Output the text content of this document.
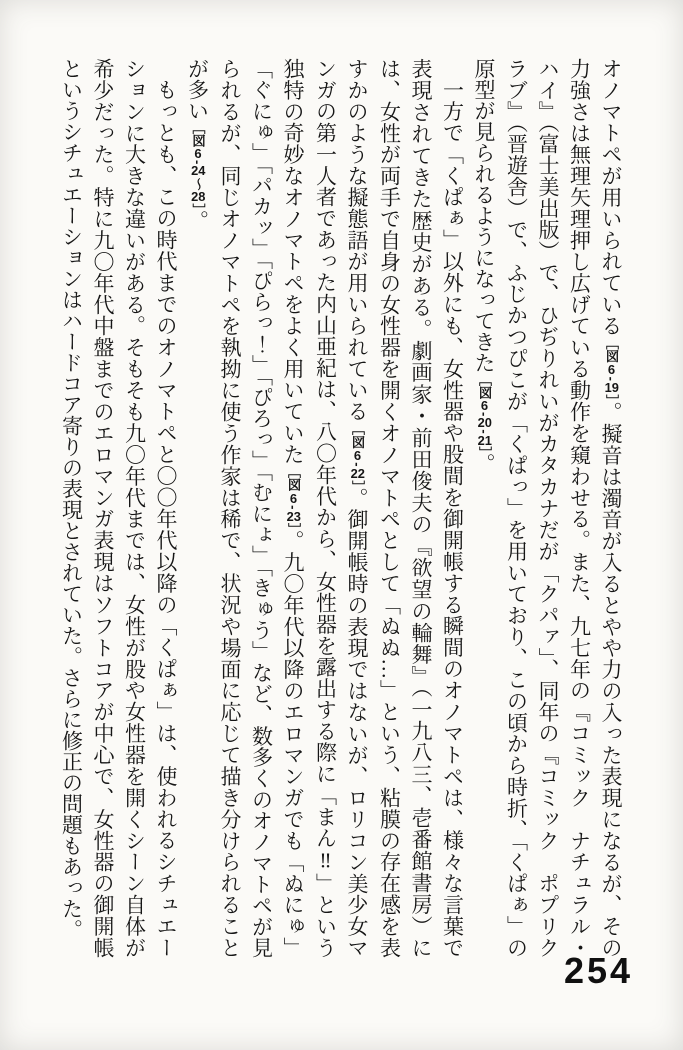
オノマトペが用いられている［図6-19］。擬音は濁音が入るとやや力の入った表現になるが、その力強さは無理矢理押し広げている動作を窺わせる。また、九七年の『コミック　ナチュラル・ハイ』（富士美出版）で、ひぢりれいがカタカナだが「クパァ」、同年の『コミック　ポプリクラブ』（晋遊舎）で、ふじかつぴこが「くぱっ」を用いており、この頃から時折、「くぱぁ」の原型が見られるようになってきた［図6-20-21］。

一方で「くぱぁ」以外にも、女性器や股間を御開帳する瞬間のオノマトペは、様々な言葉で表現されてきた歴史がある。劇画家・前田俊夫の『欲望の輪舞』（一九八三、壱番館書房）には、女性が両手で自身の女性器を開くオノマトペとして「ぬぬ…」という、粘膜の存在感を表すかのような擬態語が用いられている［図6-22］。御開帳時の表現ではないが、ロリコン美少女マンガの第一人者であった内山亜紀は、八〇年代から、女性器を露出する際に「まん‼」という独特の奇妙なオノマトペをよく用いていた［図6-23］。九〇年代以降のエロマンガでも「ぬにゅ」「ぐにゅ」「パカッ」「ぴらっ！」「ぴろっ」「むにょ」「きゅう」など、数多くのオノマトペが見られるが、同じオノマトペを執拗に使う作家は稀で、状況や場面に応じて描き分けられることが多い［図6-24〜28］。

もっとも、この時代までのオノマトペと〇〇年代以降の「くぱぁ」は、使われるシチュエーションに大きな違いがある。そもそも九〇年代までは、女性が股や女性器を開くシーン自体が希少だった。特に九〇年代中盤までのエロマンガ表現はソフトコアが中心で、女性器の御開帳というシチュエーションはハードコア寄りの表現とされていた。さらに修正の問題もあった。

254
